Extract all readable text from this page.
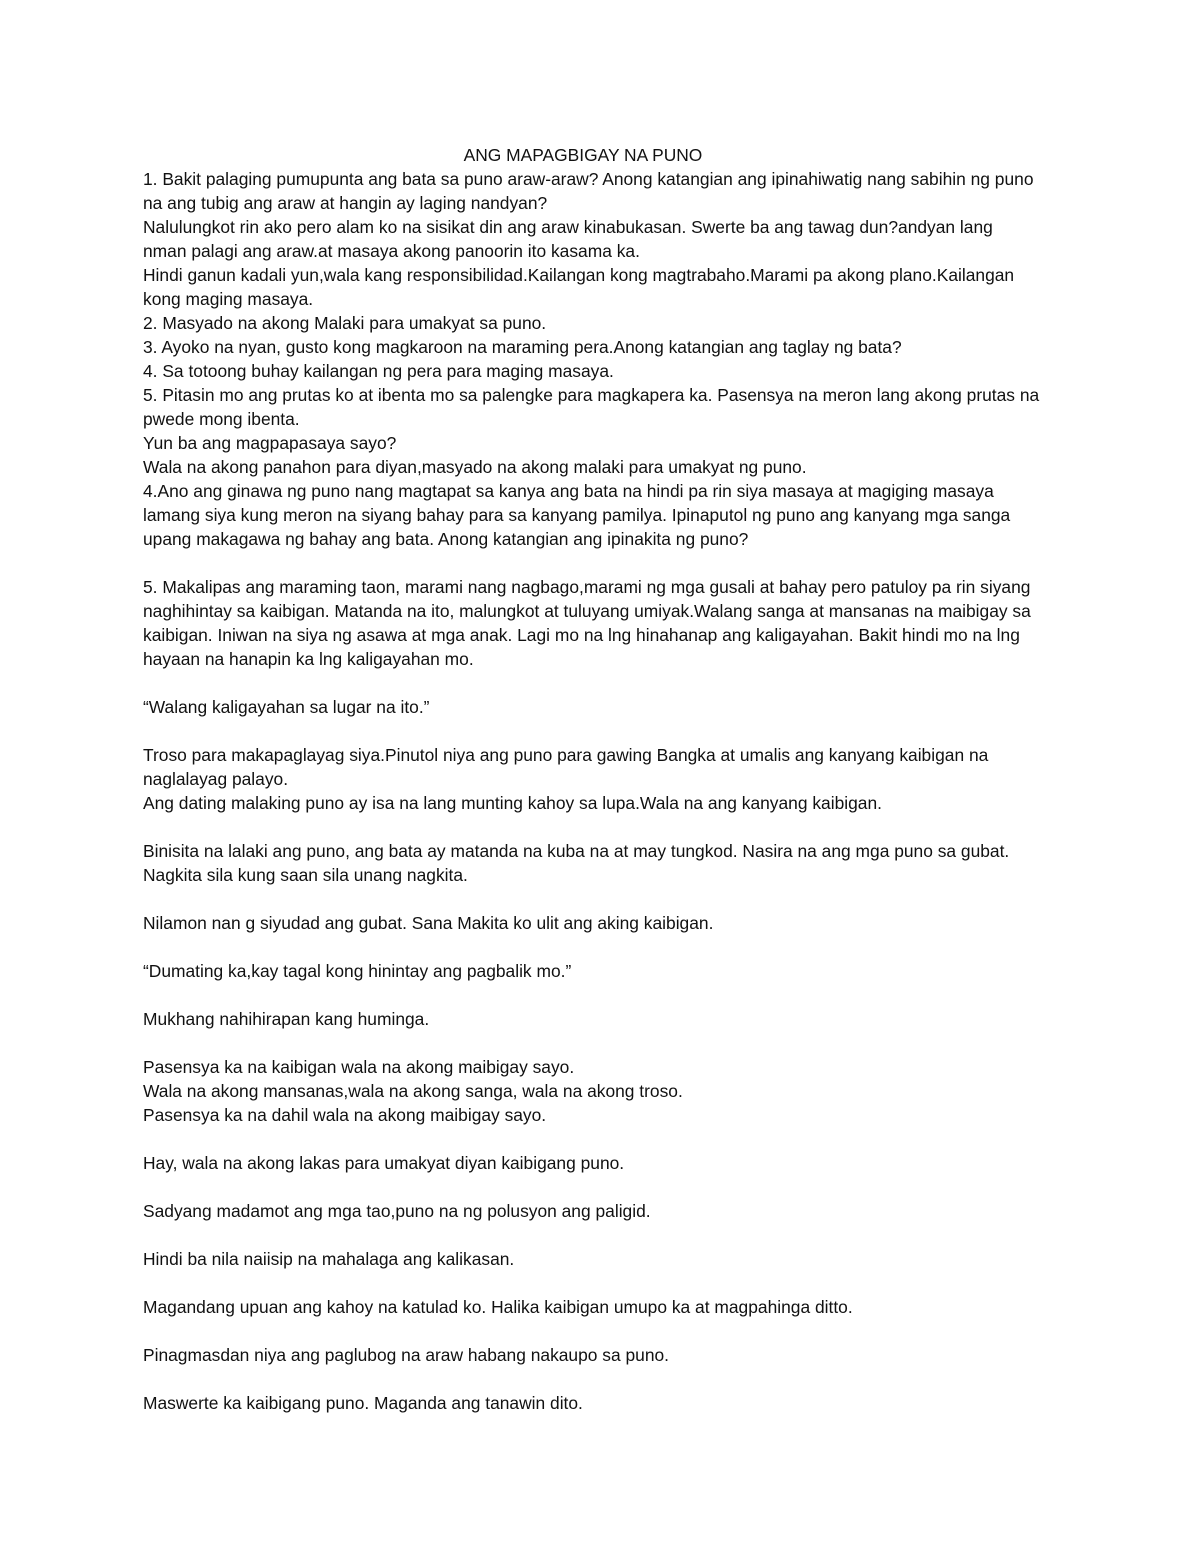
ANG MAPAGBIGAY NA PUNO

1. Bakit palaging pumupunta ang bata sa puno araw-araw? Anong katangian ang ipinahiwatig nang sabihin ng puno

na ang tubig ang araw at hangin ay laging nandyan?

Nalulungkot rin ako pero alam ko na sisikat din ang araw kinabukasan. Swerte ba ang tawag dun?andyan lang

nman palagi ang araw.at masaya akong panoorin ito kasama ka.

Hindi ganun kadali yun,wala kang responsibilidad.Kailangan kong magtrabaho.Marami pa akong plano.Kailangan

kong maging masaya.

2. Masyado na akong Malaki para umakyat sa puno.

3. Ayoko na nyan, gusto kong magkaroon na maraming pera.Anong katangian ang taglay ng bata?

4. Sa totoong buhay kailangan ng pera para maging masaya.

5. Pitasin mo ang prutas ko at ibenta mo sa palengke para magkapera ka. Pasensya na meron lang akong prutas na

pwede mong ibenta.

Yun ba ang magpapasaya sayo?

Wala na akong panahon para diyan,masyado na akong malaki para umakyat ng puno.

4.Ano ang ginawa ng puno nang magtapat sa kanya ang bata na hindi pa rin siya masaya at magiging masaya

lamang siya kung meron na siyang bahay para sa kanyang pamilya. Ipinaputol ng puno ang kanyang mga sanga

upang makagawa ng bahay ang bata. Anong katangian ang ipinakita ng puno?

5. Makalipas ang maraming taon, marami nang nagbago,marami ng mga gusali at bahay pero patuloy pa rin siyang

naghihintay sa kaibigan. Matanda na ito, malungkot at tuluyang umiyak.Walang sanga at mansanas na maibigay sa

kaibigan. Iniwan na siya ng asawa at mga anak. Lagi mo na lng hinahanap ang kaligayahan. Bakit hindi mo na lng

hayaan na hanapin ka lng kaligayahan mo.

“Walang kaligayahan sa lugar na ito.”

Troso para makapaglayag siya.Pinutol niya ang puno para gawing Bangka at umalis ang kanyang kaibigan na

naglalayag palayo.

Ang dating malaking puno ay isa na lang munting kahoy sa lupa.Wala na ang kanyang kaibigan.

Binisita na lalaki ang puno, ang bata ay matanda na kuba na at may tungkod. Nasira na ang mga puno sa gubat.

Nagkita sila kung saan sila unang nagkita.

Nilamon nan g siyudad ang gubat. Sana Makita ko ulit ang aking kaibigan.

“Dumating ka,kay tagal kong hinintay ang pagbalik mo.”

Mukhang nahihirapan kang huminga.

Pasensya ka na kaibigan wala na akong maibigay sayo.

Wala na akong mansanas,wala na akong sanga, wala na akong troso.

Pasensya ka na dahil wala na akong maibigay sayo.

Hay, wala na akong lakas para umakyat diyan kaibigang puno.

Sadyang madamot ang mga tao,puno na ng polusyon ang paligid.

Hindi ba nila naiisip na mahalaga ang kalikasan.

Magandang upuan ang kahoy na katulad ko. Halika kaibigan umupo ka at magpahinga ditto.

Pinagmasdan niya ang paglubog na araw habang nakaupo sa puno.

Maswerte ka kaibigang puno. Maganda ang tanawin dito.
